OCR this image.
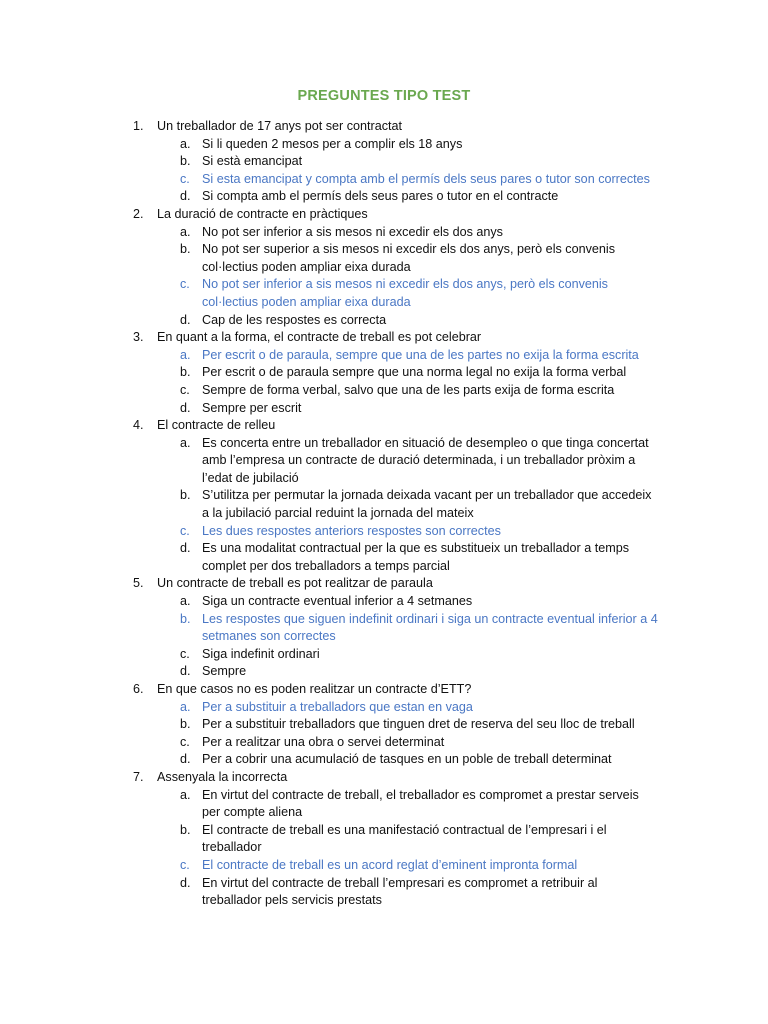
PREGUNTES TIPO TEST
1.	Un treballador de 17 anys pot ser contractat
a. Si li queden 2 mesos per a complir els 18 anys
b. Si està emancipat
c. Si esta emancipat y compta amb el permís dels seus pares o tutor son correctes
d. Si compta amb el permís dels seus pares o tutor en el contracte
2.	La duració de contracte en pràctiques
a. No pot ser inferior a sis mesos ni excedir els dos anys
b. No pot ser superior a sis mesos ni excedir els dos anys, però els convenis col·lectius poden ampliar eixa durada
c. No pot ser inferior a sis mesos ni excedir els dos anys, però els convenis col·lectius poden ampliar eixa durada
d. Cap de les respostes es correcta
3.	En quant a la forma, el contracte de treball es pot celebrar
a. Per escrit o de paraula, sempre que una de les partes no exija la forma escrita
b. Per escrit o de paraula sempre que una norma legal no exija la forma verbal
c. Sempre de forma verbal, salvo que una de les parts exija de forma escrita
d. Sempre per escrit
4.	El contracte de relleu
a. Es concerta entre un treballador en situació de desempleo o que tinga concertat amb l’empresa un contracte de duració determinada, i un treballador pròxim a l’edat de jubilació
b. S’utilitza per permutar la jornada deixada vacant per un treballador que accedeix a la jubilació parcial reduint la jornada del mateix
c. Les dues respostes anteriors respostes son correctes
d. Es una modalitat contractual per la que es substitueix un treballador a temps complet per dos treballadors a temps parcial
5.	Un contracte de treball es pot realitzar de paraula
a. Siga un contracte eventual inferior a 4 setmanes
b. Les respostes que siguen indefinit ordinari i siga un contracte eventual inferior a 4 setmanes son correctes
c. Siga indefinit ordinari
d. Sempre
6.	En que casos no es poden realitzar un contracte d’ETT?
a. Per a substituir a treballadors que estan en vaga
b. Per a substituir treballadors que tinguen dret de reserva del seu lloc de treball
c. Per a realitzar una obra o servei determinat
d. Per a cobrir una acumulació de tasques en un poble de treball determinat
7.	Assenyala la incorrecta
a. En virtut del contracte de treball, el treballador es compromet a prestar serveis per compte aliena
b. El contracte de treball es una manifestació contractual de l’empresari i el treballador
c. El contracte de treball es un acord reglat d’eminent impronta formal
d. En virtut del contracte de treball l’empresari es compromet a retribuir al treballador pels servicis prestats
